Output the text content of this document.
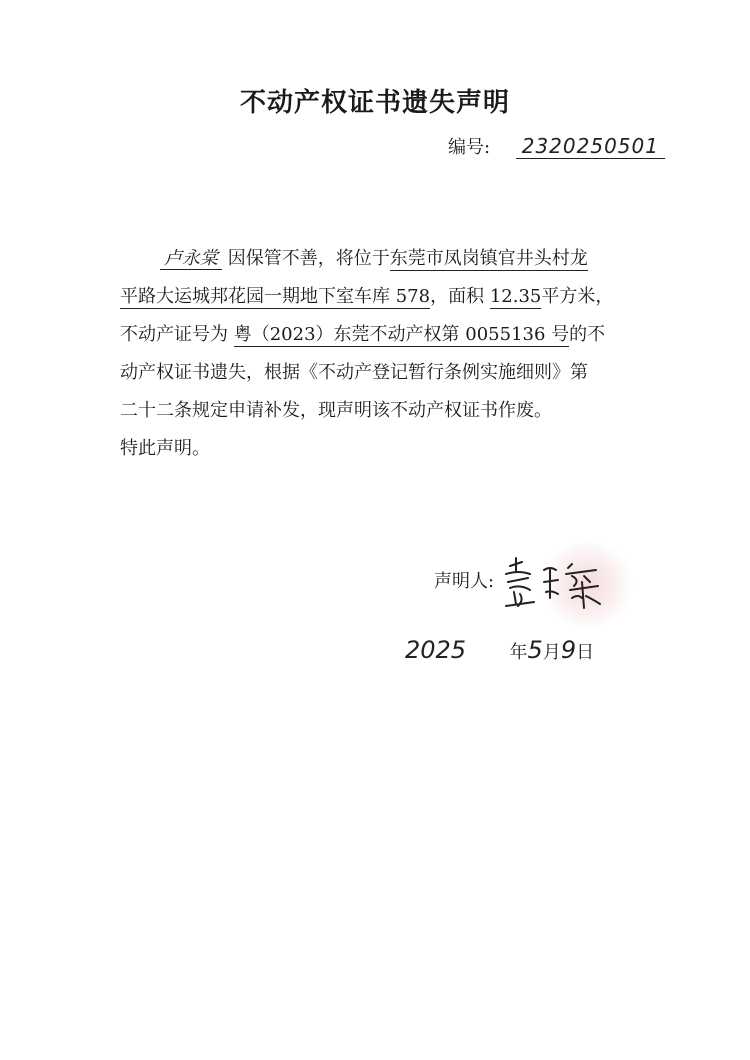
不动产权证书遗失声明
编号: 2320250501
卢永棠 因保管不善，将位于东莞市凤岗镇官井头村龙
平路大运城邦花园一期地下室车库 578，面积 12.35平方米，
不动产证号为 粤（2023）东莞不动产权第 0055136 号的不
动产权证书遗失，根据《不动产登记暂行条例实施细则》第
二十二条规定申请补发，现声明该不动产权证书作废。
特此声明。
声明人:
2025 年5月9日
